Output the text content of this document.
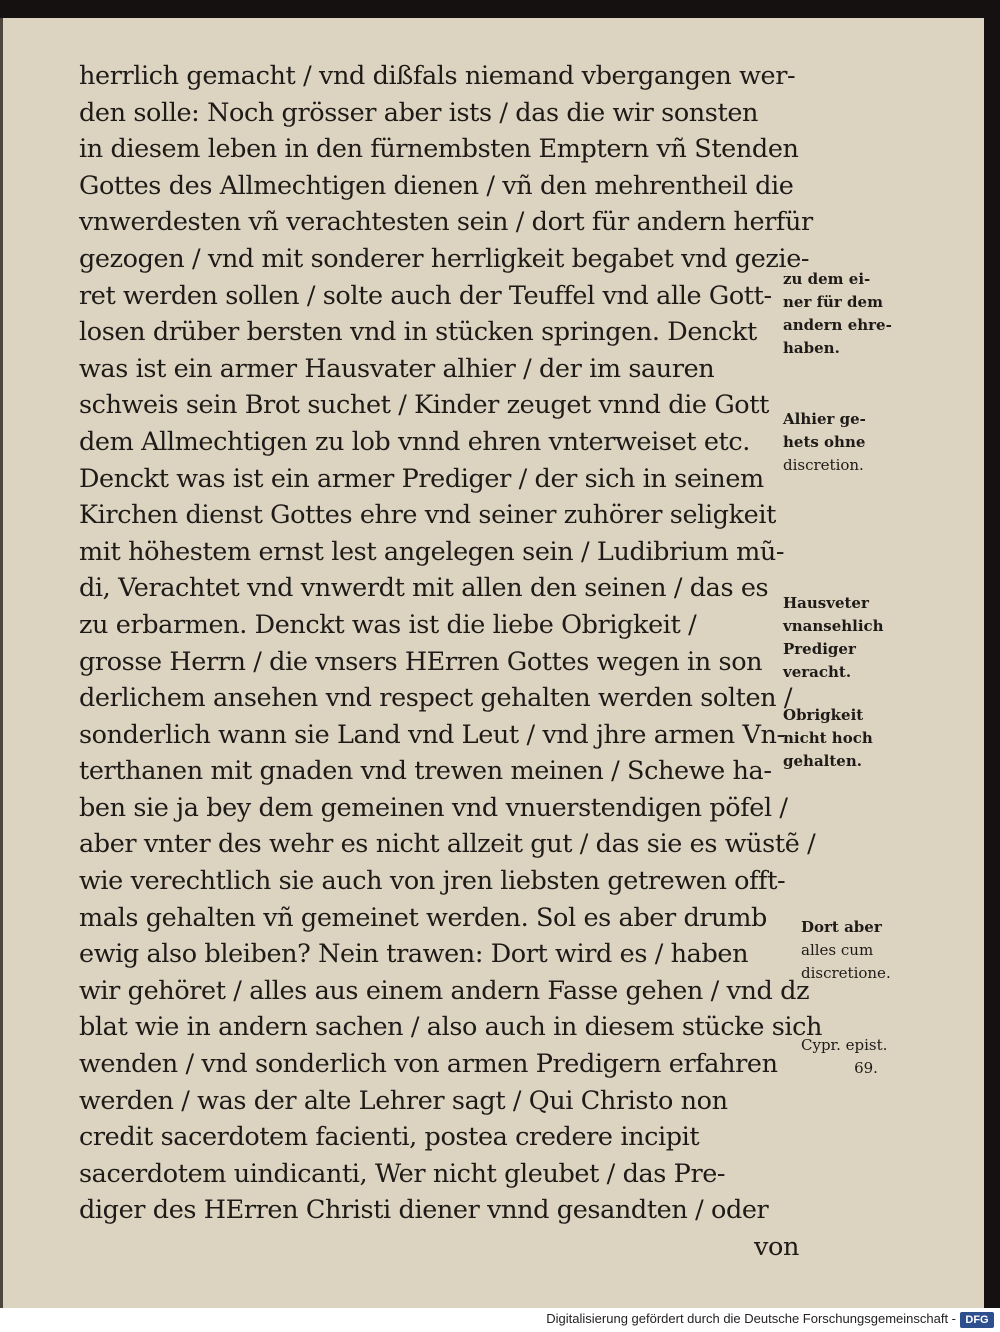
herrlich gemacht / vnd dißfals niemand vbergangen wer-
den solle: Noch grösser aber ists / das die wir sonsten
in diesem leben in den fürnembsten Emptern vñ Stenden
Gottes des Allmechtigen dienen / vñ den mehrentheil die
vnwerdesten vñ verachtesten sein / dort für andern herfür
gezogen / vnd mit sonderer herrligkeit begabet vnd gezie-
ret werden sollen / solte auch der Teuffel vnd alle Gott-
losen drüber bersten vnd in stücken springen. Denckt
was ist ein armer Hausvater alhier / der im sauren
schweis sein Brot suchet / Kinder zeuget vnnd die Gott
dem Allmechtigen zu lob vnnd ehren vnterweiset etc.
Denckt was ist ein armer Prediger / der sich in seinem
Kirchen dienst Gottes ehre vnd seiner zuhörer seligkeit
mit höhestem ernst lest angelegen sein / Ludibrium mũ-
di, Verachtet vnd vnwerdt mit allen den seinen / das es
zu erbarmen. Denckt was ist die liebe Obrigkeit /
grosse Herrn / die vnsers HErren Gottes wegen in son
derlichem ansehen vnd respect gehalten werden solten /
sonderlich wann sie Land vnd Leut / vnd jhre armen Vn-
terthanen mit gnaden vnd trewen meinen / Schewe ha-
ben sie ja bey dem gemeinen vnd vnuerstendigen pöfel /
aber vnter des wehr es nicht allzeit gut / das sie es wüstẽ /
wie verechtlich sie auch von jren liebsten getrewen offt-
mals gehalten vñ gemeinet werden. Sol es aber drumb
ewig also bleiben? Nein trawen: Dort wird es / haben
wir gehöret / alles aus einem andern Fasse gehen / vnd dz
blat wie in andern sachen / also auch in diesem stücke sich
wenden / vnd sonderlich von armen Predigern erfahren
werden / was der alte Lehrer sagt / Qui Christo non
credit sacerdotem facienti, postea credere incipit
sacerdotem uindicanti, Wer nicht gleubet / das Pre-
diger des HErren Christi diener vnnd gesandten / oder
von
zu dem ei-
ner für dem
andern ehre-
haben.
Alhier ge-
hets ohne
discretion.
Hausveter
vnansehlich
Prediger
veracht.
Obrigkeit
nicht hoch
gehalten.
Dort aber
alles cum
discretione.
Cypr. epist.
69.
Digitalisierung gefördert durch die Deutsche Forschungsgemeinschaft - DFG
